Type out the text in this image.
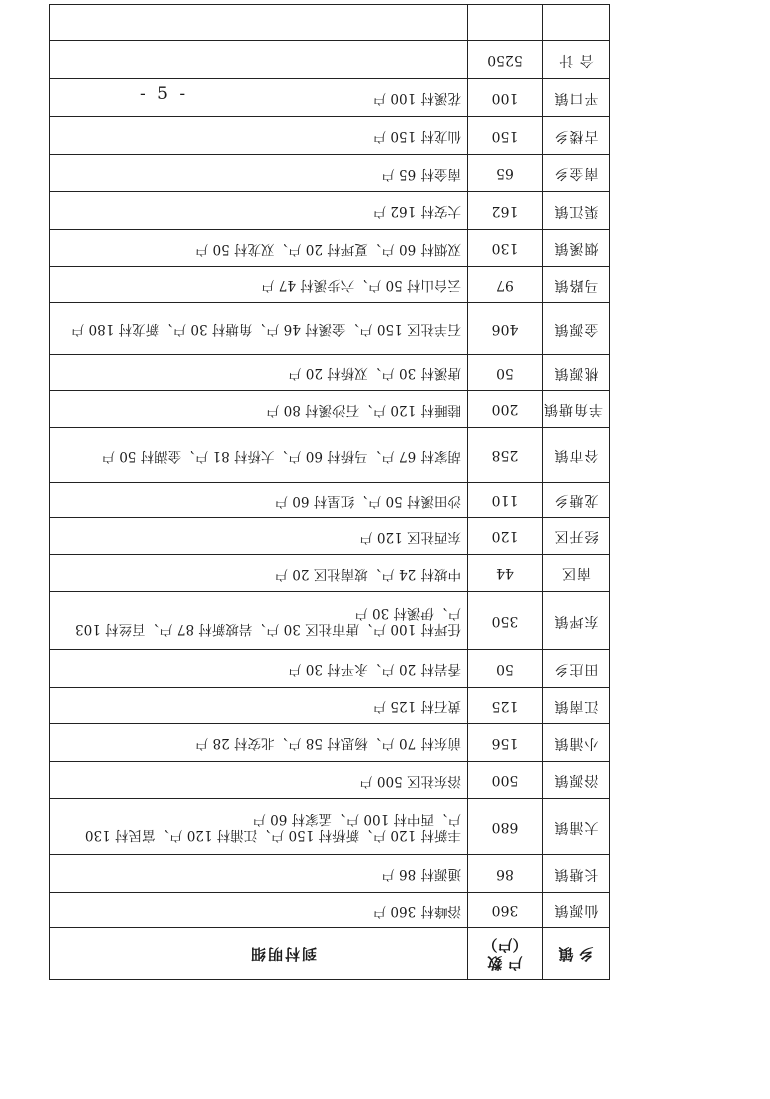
- 5 -
乡 镇	户 数（户）	到村明细
仙源镇	360	浴峰村 360 户
长塘镇	86	通源村 86 户
大浦镇	680	丰新村 120 户、新桥村 150 户、江浦村 120 户、富民村 130 户、西中村 100 户、孟家村 60 户
浴源镇	500	浴东社区 500 户
小浦镇	156	前东村 70 户、杨思村 58 户、北安村 28 户
江南镇	125	黄石村 125 户
田庄乡	50	香岩村 20 户、永平村 30 户
东坪镇	350	任坪村 100 户、唐市社区 30 户、岩坡新村 87 户、百丝村 103 户、伊溪村 30 户
南区	44	中坡村 24 户、坡南社区 20 户
经开区	120	东西社区 120 户
龙塘乡	110	沙田溪村 50 户、红星村 60 户
谷市镇	258	胡家村 67 户、马桥村 60 户、大桥村 81 户、金湖村 50 户
羊角塘镇	200	睦睡村 120 户、石沙溪村 80 户
桃源镇	50	唐溪村 30 户、双桥村 20 户
金源镇	406	石羊社区 150 户、金溪村 46 户、角塘村 30 户、新龙村 180 户
马路镇	97	云台山村 50 户、六步溪村 47 户
烟溪镇	130	双烟村 60 户、夏坪村 20 户、双龙村 50 户
渠江镇	162	大安村 162 户
南金乡	65	南金村 65 户
古楼乡	150	仙龙村 150 户
平口镇	100	花溪村 100 户
合 计	5250	
